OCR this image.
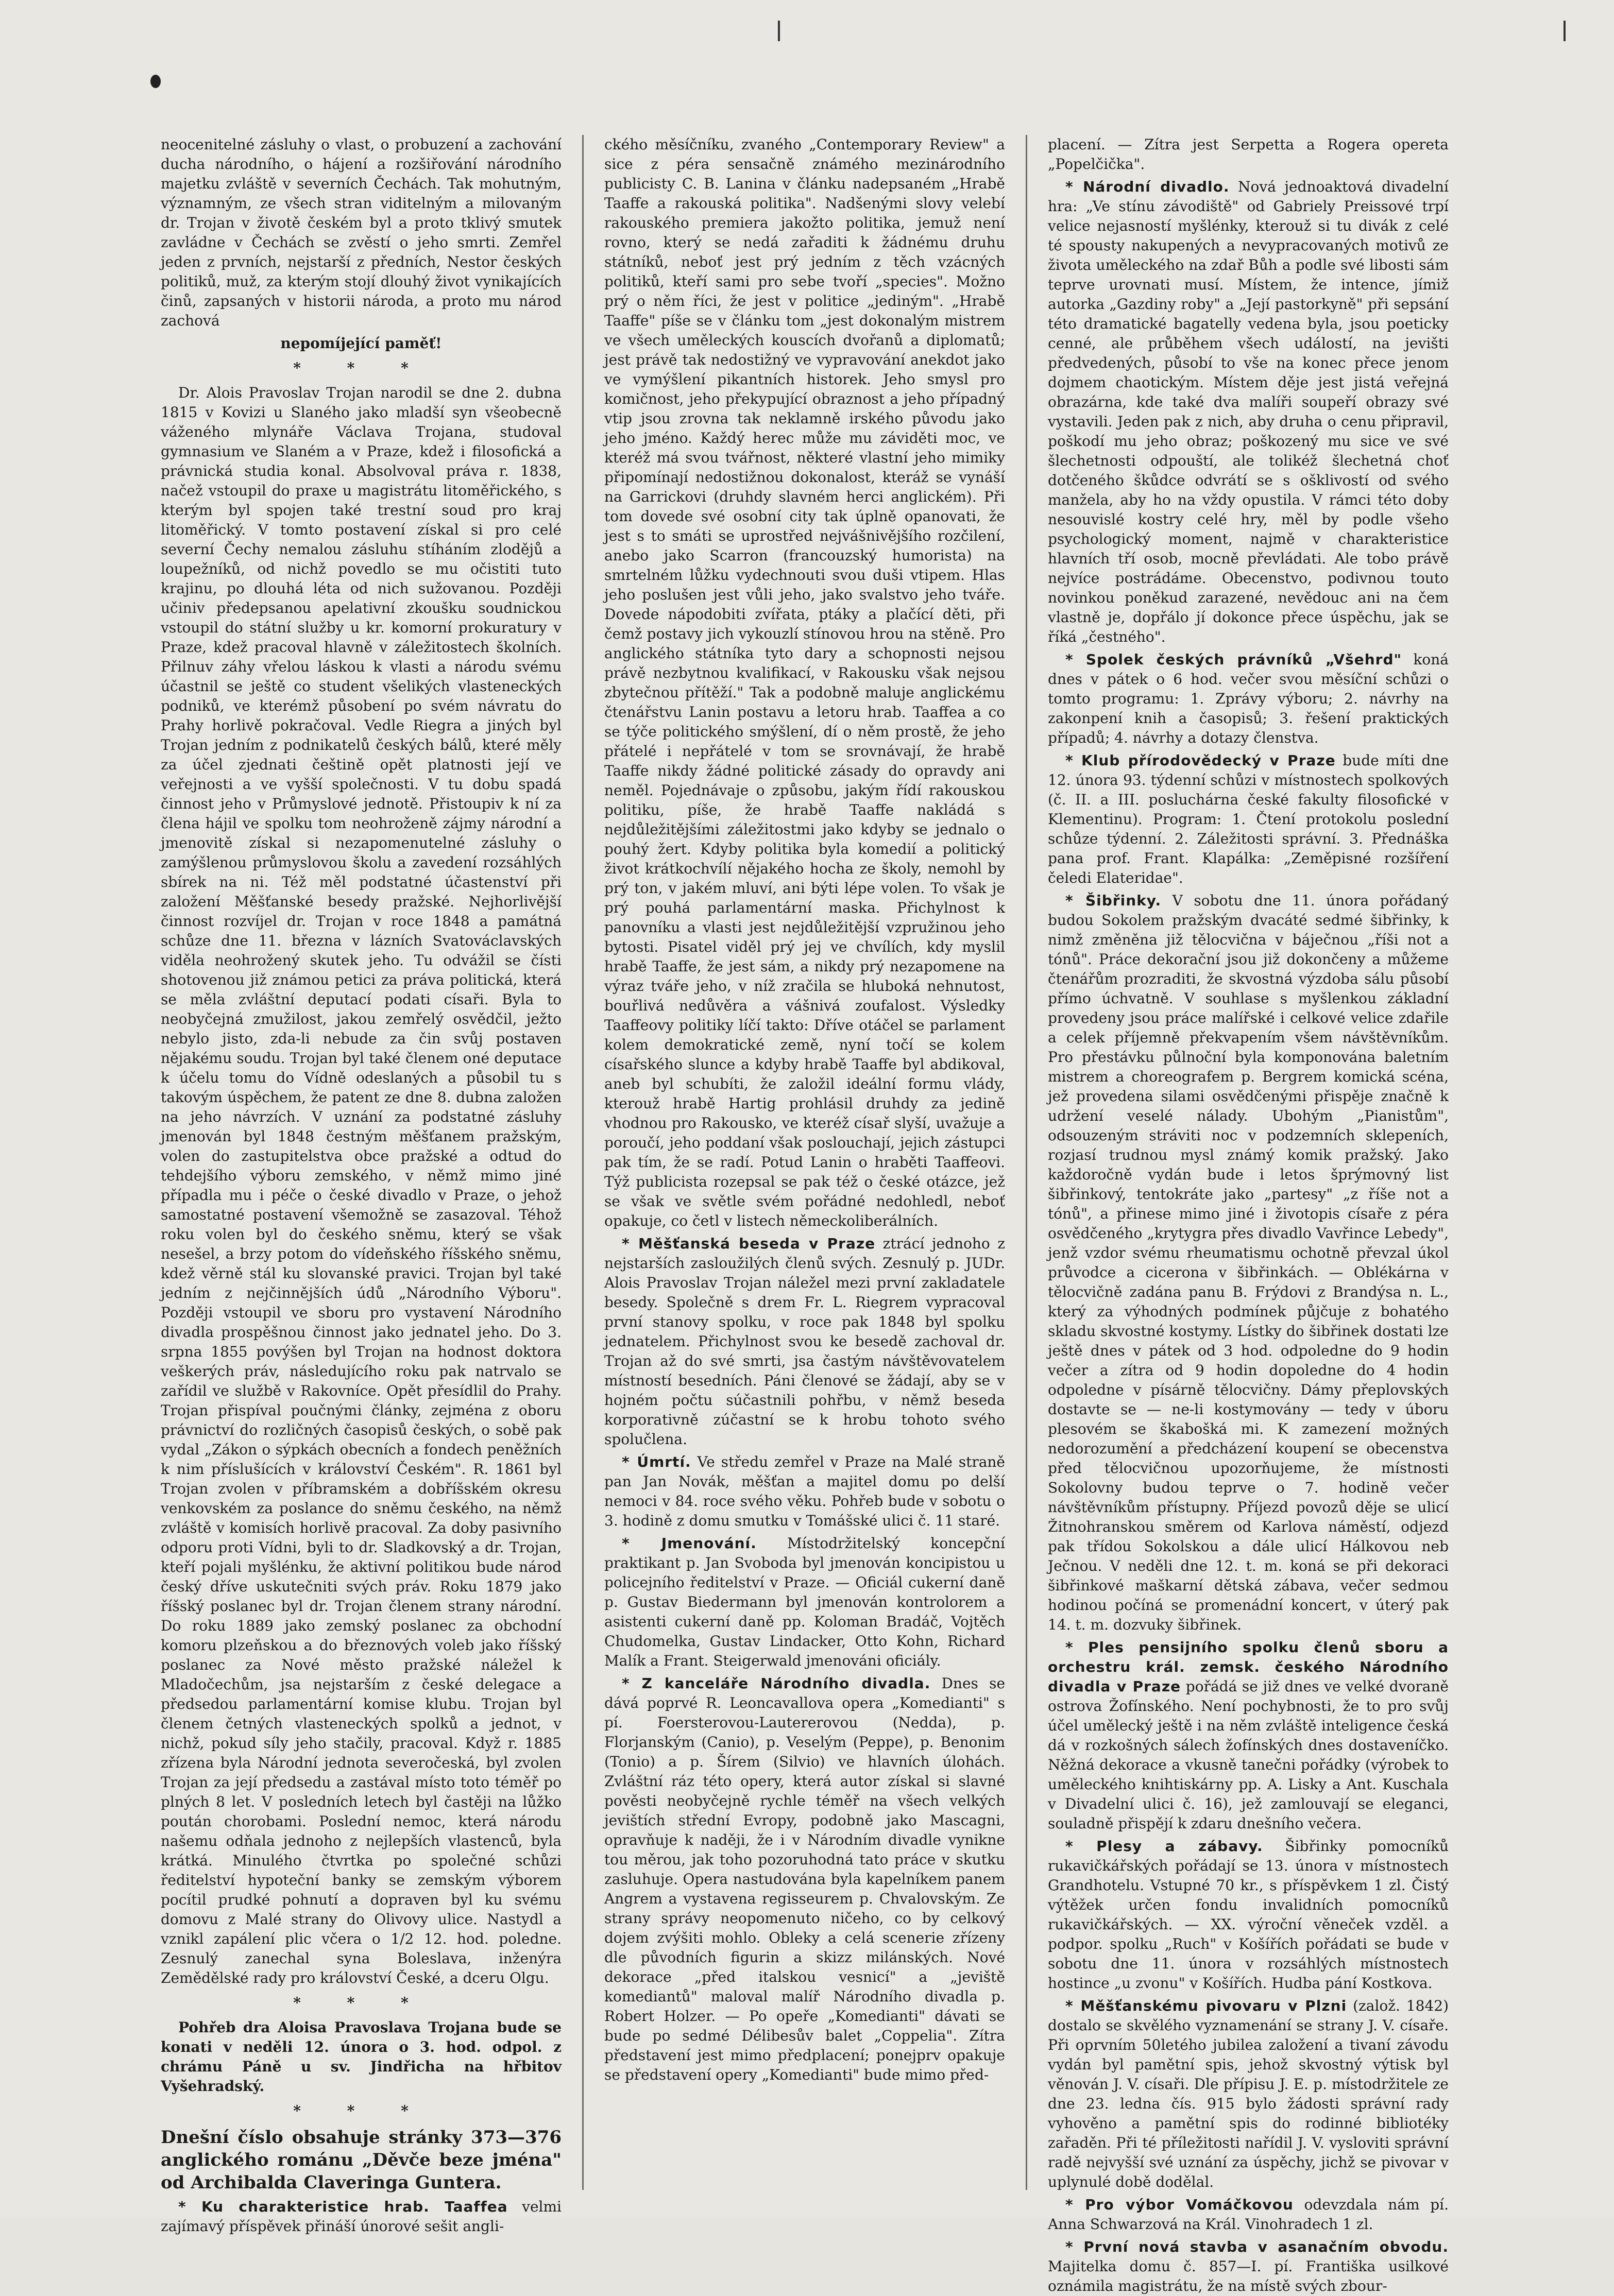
neocenitelné zásluhy o vlast, o probuzení a zachování ducha národního, o hájení a rozšiřování národního majetku zvláště v severních Čechách. Tak mohutným, významným, ze všech stran viditelným a milovaným dr. Trojan v životě českém byl a proto tklivý smutek zavládne v Čechách se zvěstí o jeho smrti. Zemřel jeden z prvních, nejstarší z předních, Nestor českých politiků, muž, za kterým stojí dlouhý život vynikajících činů, zapsaných v historii národa, a proto mu národ zachová

nepomíjející paměť!

* * *

Dr. Alois Pravoslav Trojan narodil se dne 2. dubna 1815 v Kovizi u Slaného jako mladší syn všeobecně váženého mlynáře Václava Trojana, studoval gymnasium ve Slaném a v Praze, kdež i filosofická a právnická studia konal. Absolvoval práva r. 1838, načež vstoupil do praxe u magistrátu litoměřického, s kterým byl spojen také trestní soud pro kraj litoměřický. V tomto postavení získal si pro celé severní Čechy nemalou zásluhu stíháním zlodějů a loupežníků, od nichž povedlo se mu očistiti tuto krajinu, po dlouhá léta od nich sužovanou. Později učiniv předepsanou apelativní zkoušku soudnickou vstoupil do státní služby u kr. komorní prokuratury v Praze, kdež pracoval hlavně v záležitostech školních. Přilnuv záhy vřelou láskou k vlasti a národu svému účastnil se ještě co student všelikých vlasteneckých podniků, ve kterémž působení po svém návratu do Prahy horlivě pokračoval. Vedle Riegra a jiných byl Trojan jedním z podnikatelů českých bálů, které měly za účel zjednati češtině opět platnosti její ve veřejnosti a ve vyšší společnosti. V tu dobu spadá činnost jeho v Průmyslové jednotě. Přistoupiv k ní za člena hájil ve spolku tom neohroženě zájmy národní a jmenovitě získal si nezapomenutelné zásluhy o zamýšlenou průmyslovou školu a zavedení rozsáhlých sbírek na ni. Též měl podstatné účastenství při založení Měšťanské besedy pražské. Nejhorlivější činnost rozvíjel dr. Trojan v roce 1848 a památná schůze dne 11. března v lázních Svatováclavských viděla neohrožený skutek jeho. Tu odvážil se čísti shotovenou již známou petici za práva politická, která se měla zvláštní deputací podati císaři. Byla to neobyčejná zmužilost, jakou zemřelý osvědčil, ježto nebylo jisto, zda-li nebude za čin svůj postaven nějakému soudu. Trojan byl také členem oné deputace k účelu tomu do Vídně odeslaných a působil tu s takovým úspěchem, že patent ze dne 8. dubna založen na jeho návrzích. V uznání za podstatné zásluhy jmenován byl 1848 čestným měšťanem pražským, volen do zastupitelstva obce pražské a odtud do tehdejšího výboru zemského, v němž mimo jiné případla mu i péče o české divadlo v Praze, o jehož samostatné postavení všemožně se zasazoval. Téhož roku volen byl do českého sněmu, který se však nesešel, a brzy potom do vídeňského říšského sněmu, kdež věrně stál ku slovanské pravici. Trojan byl také jedním z nejčinnějších údů „Národního Výboru". Později vstoupil ve sboru pro vystavení Národního divadla prospěšnou činnost jako jednatel jeho. Do 3. srpna 1855 povýšen byl Trojan na hodnost doktora veškerých práv, následujícího roku pak natrvalo se zařídil ve službě v Rakovníce. Opět přesídlil do Prahy. Trojan přispíval poučnými články, zejména z oboru právnictví do rozličných časopisů českých, o sobě pak vydal „Zákon o sýpkách obecních a fondech peněžních k nim příslušících v království Českém". R. 1861 byl Trojan zvolen v příbramském a dobříšském okresu venkovském za poslance do sněmu českého, na němž zvláště v komisích horlivě pracoval. Za doby pasivního odporu proti Vídni, byli to dr. Sladkovský a dr. Trojan, kteří pojali myšlénku, že aktivní politikou bude národ český dříve uskutečniti svých práv. Roku 1879 jako říšský poslanec byl dr. Trojan členem strany národní. Do roku 1889 jako zemský poslanec za obchodní komoru plzeňskou a do březnových voleb jako říšský poslanec za Nové město pražské náležel k Mladočechům, jsa nejstarším z české delegace a předsedou parlamentární komise klubu. Trojan byl členem četných vlasteneckých spolků a jednot, v nichž, pokud síly jeho stačily, pracoval. Když r. 1885 zřízena byla Národní jednota severočeská, byl zvolen Trojan za její předsedu a zastával místo toto téměř po plných 8 let. V posledních letech byl častěji na lůžko poután chorobami. Poslední nemoc, která národu našemu odňala jednoho z nejlepších vlastenců, byla krátká. Minulého čtvrtka po společné schůzi ředitelství hypoteční banky se zemským výborem pocítil prudké pohnutí a dopraven byl ku svému domovu z Malé strany do Olivovy ulice. Nastydl a vznikl zapálení plic včera o 1/2 12. hod. poledne. Zesnulý zanechal syna Boleslava, inženýra Zemědělské rady pro království České, a dceru Olgu.

* * *

Pohřeb dra Aloisa Pravoslava Trojana bude se konati v neděli 12. února o 3. hod. odpol. z chrámu Páně u sv. Jindřicha na hřbitov Vyšehradský.

* * *

Dnešní číslo obsahuje stránky 373—376 anglického románu „Děvče beze jména" od Archibalda Claveringa Guntera.

* Ku charakteristice hrab. Taaffea velmi zajímavý příspěvek přináší únorové sešit angli-

ckého měsíčníku, zvaného „Contemporary Review" a sice z péra sensačně známého mezinárodního publicisty C. B. Lanina v článku nadepsaném „Hrabě Taaffe a rakouská politika". Nadšenými slovy velebí rakouského premiera jakožto politika, jemuž není rovno, který se nedá zařaditi k žádnému druhu státníků, neboť jest prý jedním z těch vzácných politiků, kteří sami pro sebe tvoří „species". Možno prý o něm říci, že jest v politice „jediným". „Hrabě Taaffe" píše se v článku tom „jest dokonalým mistrem ve všech uměleckých kouscích dvořanů a diplomatů; jest právě tak nedostižný ve vypravování anekdot jako ve vymýšlení pikantních historek. Jeho smysl pro komičnost, jeho překypující obraznost a jeho případný vtip jsou zrovna tak neklamně irského původu jako jeho jméno. Každý herec může mu záviděti moc, ve kteréž má svou tvářnost, některé vlastní jeho mimiky připomínají nedostižnou dokonalost, kteráž se vynáší na Garrickovi (druhdy slavném herci anglickém). Při tom dovede své osobní city tak úplně opanovati, že jest s to smáti se uprostřed nejvášnivějšího rozčilení, anebo jako Scarron (francouzský humorista) na smrtelném lůžku vydechnouti svou duši vtipem. Hlas jeho poslušen jest vůli jeho, jako svalstvo jeho tváře. Dovede nápodobiti zvířata, ptáky a plačící děti, při čemž postavy jich vykouzlí stínovou hrou na stěně. Pro anglického státníka tyto dary a schopnosti nejsou právě nezbytnou kvalifikací, v Rakousku však nejsou zbytečnou přítěží." Tak a podobně maluje anglickému čtenářstvu Lanin postavu a letoru hrab. Taaffea a co se týče politického smýšlení, dí o něm prostě, že jeho přátelé i nepřátelé v tom se srovnávají, že hrabě Taaffe nikdy žádné politické zásady do opravdy ani neměl. Pojednávaje o způsobu, jakým řídí rakouskou politiku, píše, že hrabě Taaffe nakládá s nejdůležitějšími záležitostmi jako kdyby se jednalo o pouhý žert. Kdyby politika byla komedií a politický život krátkochvílí nějakého hocha ze školy, nemohl by prý ton, v jakém mluví, ani býti lépe volen. To však je prý pouhá parlamentární maska. Přichylnost k panovníku a vlasti jest nejdůležitější vzpružinou jeho bytosti. Pisatel viděl prý jej ve chvílích, kdy myslil hrabě Taaffe, že jest sám, a nikdy prý nezapomene na výraz tváře jeho, v níž zračila se hluboká nehnutost, bouřlivá nedůvěra a vášnivá zoufalost. Výsledky Taaffeovy politiky líčí takto: Dříve otáčel se parlament kolem demokratické země, nyní točí se kolem císařského slunce a kdyby hrabě Taaffe byl abdikoval, aneb byl schubíti, že založil ideální formu vlády, kterouž hrabě Hartig prohlásil druhdy za jedině vhodnou pro Rakousko, ve kteréž císař slyší, uvažuje a poroučí, jeho poddaní však poslouchají, jejich zástupci pak tím, že se radí. Potud Lanin o hraběti Taaffeovi. Týž publicista rozepsal se pak též o české otázce, jež se však ve světle svém pořádné nedohledl, neboť opakuje, co četl v listech německoliberálních.

* Měšťanská beseda v Praze ztrácí jednoho z nejstarších zasloužilých členů svých. Zesnulý p. JUDr. Alois Pravoslav Trojan náležel mezi první zakladatele besedy. Společně s drem Fr. L. Riegrem vypracoval první stanovy spolku, v roce pak 1848 byl spolku jednatelem. Přichylnost svou ke besedě zachoval dr. Trojan až do své smrti, jsa častým návštěvovatelem místností besedních. Páni členové se žádají, aby se v hojném počtu súčastnili pohřbu, v němž beseda korporativně zúčastní se k hrobu tohoto svého spolučlena.

* Úmrtí. Ve středu zemřel v Praze na Malé straně pan Jan Novák, měšťan a majitel domu po delší nemoci v 84. roce svého věku. Pohřeb bude v sobotu o 3. hodině z domu smutku v Tomášské ulici č. 11 staré.

* Jmenování. Místodržitelský koncepční praktikant p. Jan Svoboda byl jmenován koncipistou u policejního ředitelství v Praze. — Oficiál cukerní daně p. Gustav Biedermann byl jmenován kontrolorem a asistenti cukerní daně pp. Koloman Bradáč, Vojtěch Chudomelka, Gustav Lindacker, Otto Kohn, Richard Malík a Frant. Steigerwald jmenováni oficiály.

* Z kanceláře Národního divadla. Dnes se dává poprvé R. Leoncavallova opera „Komedianti" s pí. Foersterovou-Lautererovou (Nedda), p. Florjanským (Canio), p. Veselým (Peppe), p. Benonim (Tonio) a p. Šírem (Silvio) ve hlavních úlohách. Zvláštní ráz této opery, která autor získal si slavné pověsti neobyčejně rychle téměř na všech velkých jevištích střední Evropy, podobně jako Mascagni, opravňuje k naději, že i v Národním divadle vynikne tou měrou, jak toho pozoruhodná tato práce v skutku zasluhuje. Opera nastudována byla kapelníkem panem Angrem a vystavena regisseurem p. Chvalovským. Ze strany správy neopomenuto ničeho, co by celkový dojem zvýšiti mohlo. Obleky a celá scenerie zřízeny dle původních figurin a skizz milánských. Nové dekorace „před italskou vesnicí" a „jeviště komediantů" maloval malíř Národního divadla p. Robert Holzer. — Po opeře „Komedianti" dávati se bude po sedmé Délibesův balet „Coppelia". Zítra představení jest mimo předplacení; ponejprv opakuje se představení opery „Komedianti" bude mimo před-

placení. — Zítra jest Serpetta a Rogera opereta „Popelčička".

* Národní divadlo. Nová jednoaktová divadelní hra: „Ve stínu závodiště" od Gabriely Preissové trpí velice nejasností myšlénky, kterouž si tu divák z celé té spousty nakupených a nevypracovaných motivů ze života uměleckého na zdař Bůh a podle své libosti sám teprve urovnati musí. Místem, že intence, jímiž autorka „Gazdiny roby" a „Její pastorkyně" při sepsání této dramatické bagatelly vedena byla, jsou poeticky cenné, ale průběhem všech událostí, na jevišti předvedených, působí to vše na konec přece jenom dojmem chaotickým. Místem děje jest jistá veřejná obrazárna, kde také dva malíři soupeří obrazy své vystavili. Jeden pak z nich, aby druha o cenu připravil, poškodí mu jeho obraz; poškozený mu sice ve své šlechetnosti odpouští, ale tolikéž šlechetná choť dotčeného škůdce odvrátí se s ošklivostí od svého manžela, aby ho na vždy opustila. V rámci této doby nesouvislé kostry celé hry, měl by podle všeho psychologický moment, najmě v charakteristice hlavních tří osob, mocně převládati. Ale tobo právě nejvíce postrádáme. Obecenstvo, podivnou touto novinkou poněkud zarazené, nevědouc ani na čem vlastně je, dopřálo jí dokonce přece úspěchu, jak se říká „čestného".

* Spolek českých právníků „Všehrd" koná dnes v pátek o 6 hod. večer svou měsíční schůzi o tomto programu: 1. Zprávy výboru; 2. návrhy na zakonpení knih a časopisů; 3. řešení praktických případů; 4. návrhy a dotazy členstva.

* Klub přírodovědecký v Praze bude míti dne 12. února 93. týdenní schůzi v místnostech spolkových (č. II. a III. posluchárna české fakulty filosofické v Klementinu). Program: 1. Čtení protokolu poslední schůze týdenní. 2. Záležitosti správní. 3. Přednáška pana prof. Frant. Klapálka: „Zeměpisné rozšíření čeledi Elateridae".

* Šibřinky. V sobotu dne 11. února pořádaný budou Sokolem pražským dvacáté sedmé šibřinky, k nimž změněna již tělocvična v báječnou „říši not a tónů". Práce dekorační jsou již dokončeny a můžeme čtenářům prozraditi, že skvostná výzdoba sálu působí přímo úchvatně. V souhlase s myšlenkou základní provedeny jsou práce malířské i celkové velice zdařile a celek příjemně překvapením všem návštěvníkům. Pro přestávku půlnoční byla komponována baletním mistrem a choreografem p. Bergrem komická scéna, jež provedena silami osvědčenými přispěje značně k udržení veselé nálady. Ubohým „Pianistům", odsouzeným stráviti noc v podzemních sklepeních, rozjasí trudnou mysl známý komik pražský. Jako každoročně vydán bude i letos šprýmovný list šibřinkový, tentokráte jako „partesy" „z říše not a tónů", a přinese mimo jiné i životopis císaře z péra osvědčeného „krytygra přes divadlo Vavřince Lebedy", jenž vzdor svému rheumatismu ochotně převzal úkol průvodce a cicerona v šibřinkách. — Oblékárna v tělocvičně zadána panu B. Frýdovi z Brandýsa n. L., který za výhodných podmínek půjčuje z bohatého skladu skvostné kostymy. Lístky do šibřinek dostati lze ještě dnes v pátek od 3 hod. odpoledne do 9 hodin večer a zítra od 9 hodin dopoledne do 4 hodin odpoledne v písárně tělocvičny. Dámy přeplovských dostavte se — ne-li kostymovány — tedy v úboru plesovém se škabošká mi. K zamezení možných nedorozumění a předcházení koupení se obecenstva před tělocvičnou upozorňujeme, že místnosti Sokolovny budou teprve o 7. hodině večer návštěvníkům přístupny. Příjezd povozů děje se ulicí Žitnohranskou směrem od Karlova náměstí, odjezd pak třídou Sokolskou a dále ulicí Hálkovou neb Ječnou. V neděli dne 12. t. m. koná se při dekoraci šibřinkové maškarní dětská zábava, večer sedmou hodinou počíná se promenádní koncert, v úterý pak 14. t. m. dozvuky šibřinek.

* Ples pensijního spolku členů sboru a orchestru král. zemsk. českého Národního divadla v Praze pořádá se již dnes ve velké dvoraně ostrova Žofínského. Není pochybnosti, že to pro svůj účel umělecký ještě i na něm zvláště inteligence česká dá v rozkošných sálech žofínských dnes dostaveníčko. Něžná dekorace a vkusně tanečni pořádky (výrobek to uměleckého knihtiskárny pp. A. Lisky a Ant. Kuschala v Divadelní ulici č. 16), jež zamlouvají se eleganci, souladně přispějí k zdaru dnešního večera.

* Plesy a zábavy. Šibřinky pomocníků rukavičkářských pořádají se 13. února v místnostech Grandhotelu. Vstupné 70 kr., s příspěvkem 1 zl. Čistý výtěžek určen fondu invalidních pomocníků rukavičkářských. — XX. výroční věneček vzděl. a podpor. spolku „Ruch" v Košířích pořádati se bude v sobotu dne 11. února v rozsáhlých místnostech hostince „u zvonu" v Košířích. Hudba pání Kostkova.

* Měšťanskému pivovaru v Plzni (založ. 1842) dostalo se skvělého vyznamenání se strany J. V. císaře. Při oprvním 50letého jubilea založení a tivaní závodu vydán byl pamětní spis, jehož skvostný výtisk byl věnován J. V. císaři. Dle přípisu J. E. p. místodržitele ze dne 23. ledna čís. 915 bylo žádosti správní rady vyhověno a pamětní spis do rodinné bibliotéky zařaděn. Při té příležitosti nařídil J. V. vysloviti správní radě nejvyšší své uznání za úspěchy, jichž se pivovar v uplynulé době dodělal.

* Pro výbor Vomáčkovou odevzdala nám pí. Anna Schwarzová na Král. Vinohradech 1 zl.

* První nová stavba v asanačním obvodu. Majitelka domu č. 857—I. pí. Františka usilkové oznámila magistrátu, že na místě svých zbour-
